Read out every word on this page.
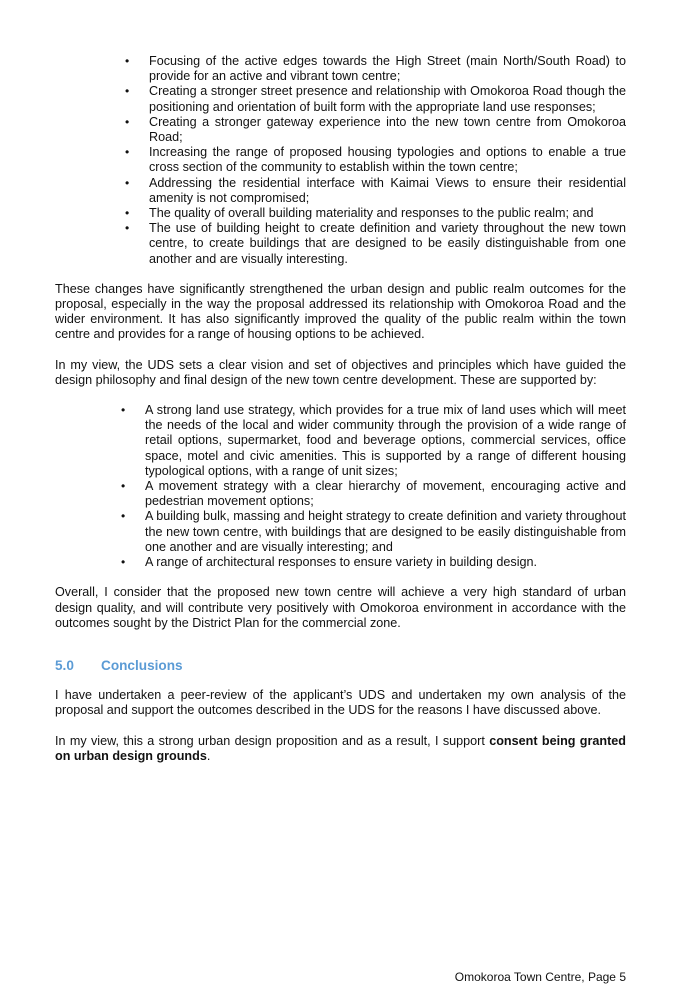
• Focusing of the active edges towards the High Street (main North/South Road) to provide for an active and vibrant town centre;
• Creating a stronger street presence and relationship with Omokoroa Road though the positioning and orientation of built form with the appropriate land use responses;
• Creating a stronger gateway experience into the new town centre from Omokoroa Road;
• Increasing the range of proposed housing typologies and options to enable a true cross section of the community to establish within the town centre;
• Addressing the residential interface with Kaimai Views to ensure their residential amenity is not compromised;
• The quality of overall building materiality and responses to the public realm; and
• The use of building height to create definition and variety throughout the new town centre, to create buildings that are designed to be easily distinguishable from one another and are visually interesting.

These changes have significantly strengthened the urban design and public realm outcomes for the proposal, especially in the way the proposal addressed its relationship with Omokoroa Road and the wider environment. It has also significantly improved the quality of the public realm within the town centre and provides for a range of housing options to be achieved.

In my view, the UDS sets a clear vision and set of objectives and principles which have guided the design philosophy and final design of the new town centre development. These are supported by:

• A strong land use strategy, which provides for a true mix of land uses which will meet the needs of the local and wider community through the provision of a wide range of retail options, supermarket, food and beverage options, commercial services, office space, motel and civic amenities. This is supported by a range of different housing typological options, with a range of unit sizes;
• A movement strategy with a clear hierarchy of movement, encouraging active and pedestrian movement options;
• A building bulk, massing and height strategy to create definition and variety throughout the new town centre, with buildings that are designed to be easily distinguishable from one another and are visually interesting; and
• A range of architectural responses to ensure variety in building design.

Overall, I consider that the proposed new town centre will achieve a very high standard of urban design quality, and will contribute very positively with Omokoroa environment in accordance with the outcomes sought by the District Plan for the commercial zone.

5.0	Conclusions

I have undertaken a peer-review of the applicant’s UDS and undertaken my own analysis of the proposal and support the outcomes described in the UDS for the reasons I have discussed above.

In my view, this a strong urban design proposition and as a result, I support consent being granted on urban design grounds.

Omokoroa Town Centre, Page 5
